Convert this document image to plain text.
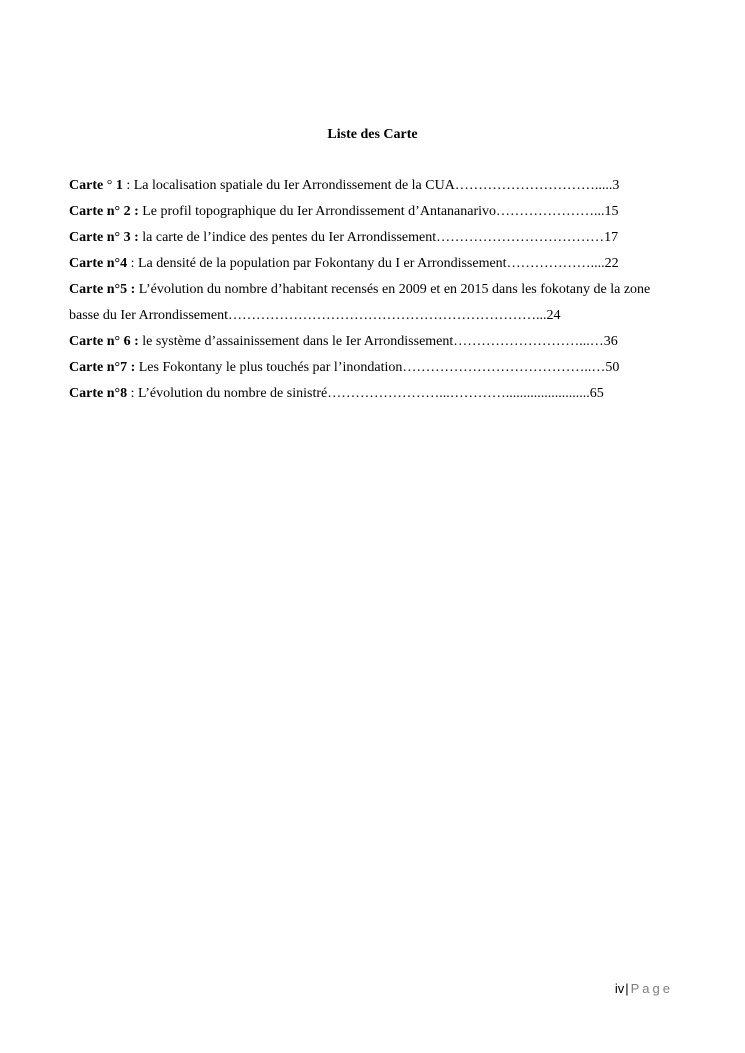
Liste des Carte
Carte ° 1 : La localisation spatiale du Ier Arrondissement de la CUA………………………….....3
Carte n° 2 : Le profil topographique du Ier Arrondissement d’Antananarivo…………………...15
Carte n° 3 : la carte de l’indice des pentes du Ier Arrondissement………………………………17
Carte n°4 : La densité de la population par Fokontany du I er Arrondissement………………....22
Carte n°5 : L’évolution du nombre d’habitant recensés en 2009 et en 2015 dans les fokotany de la zone basse du Ier Arrondissement…………………………………………………………...24
Carte n° 6 : le système d’assainissement dans le Ier Arrondissement………………………...…36
Carte n°7 : Les Fokontany le plus touchés par l’inondation…………………………………..…50
Carte n°8 : L’évolution du nombre de sinistré……………………...…………........................65
iv| Page
